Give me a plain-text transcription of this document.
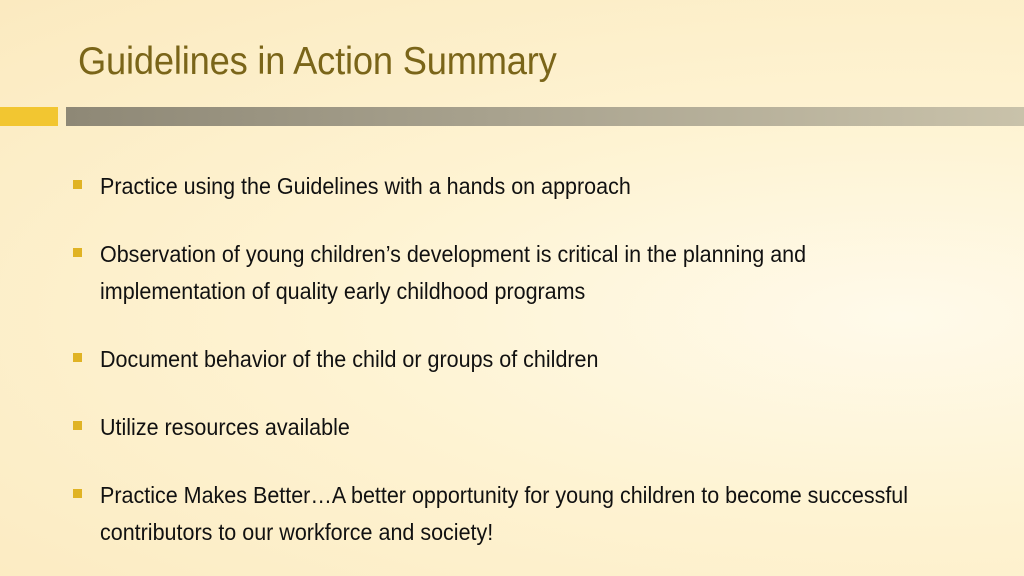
Guidelines in Action Summary
Practice using the Guidelines with a hands on approach
Observation of young children’s development is critical in the planning and implementation of quality early childhood programs
Document behavior of the child or groups of children
Utilize resources available
Practice Makes Better…A better opportunity for young children to become successful contributors to our workforce and society!
